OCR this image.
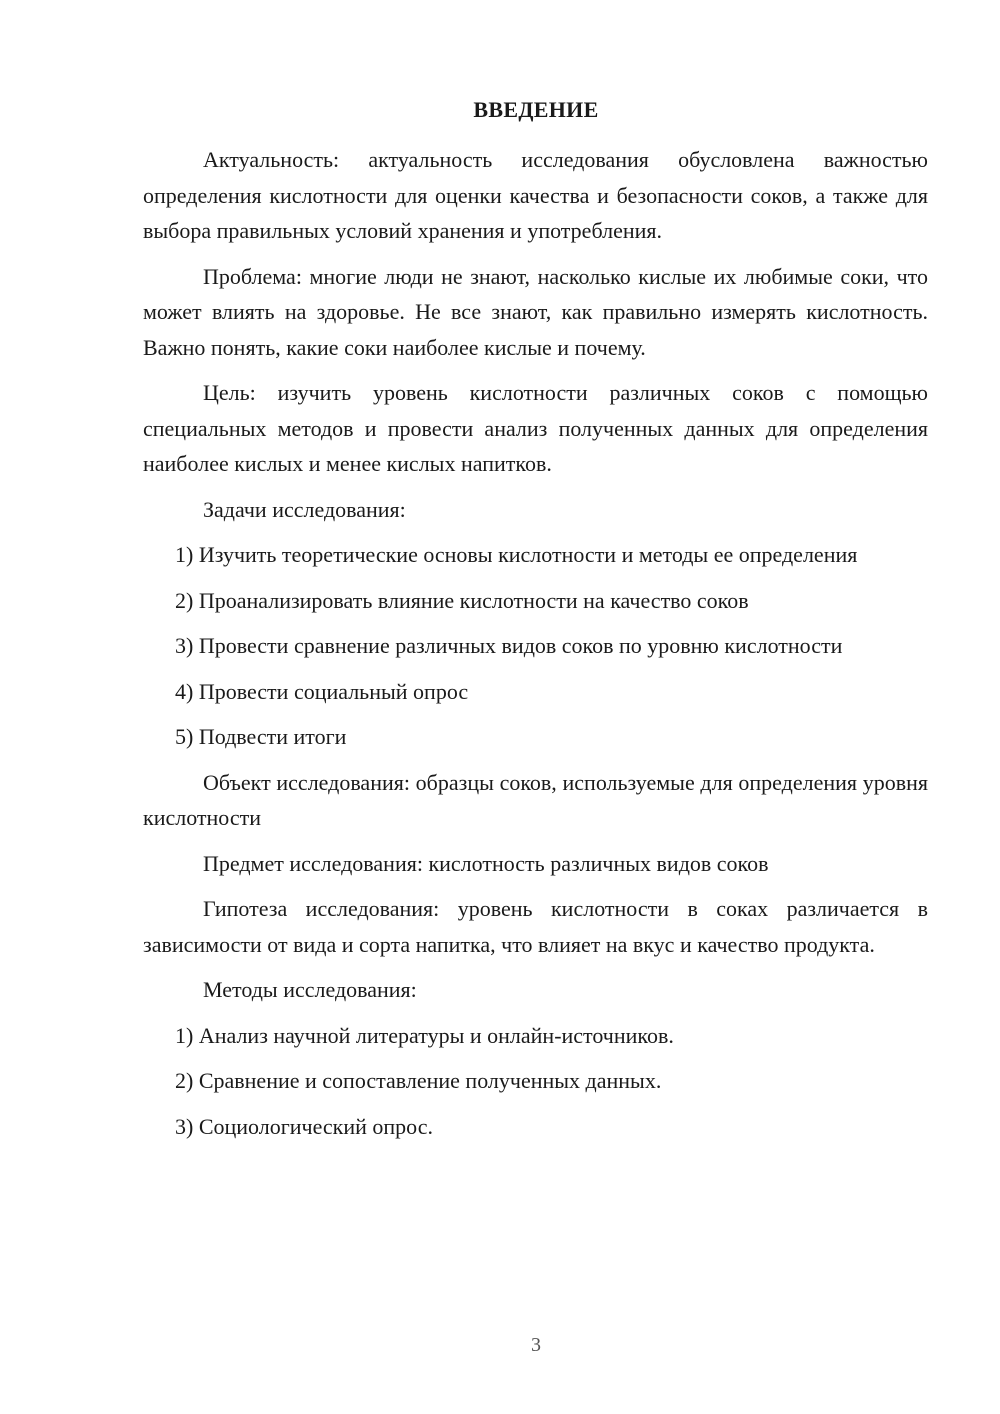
ВВЕДЕНИЕ

Актуальность: актуальность исследования обусловлена важностью определения кислотности для оценки качества и безопасности соков, а также для выбора правильных условий хранения и употребления.

Проблема: многие люди не знают, насколько кислые их любимые соки, что может влиять на здоровье. Не все знают, как правильно измерять кислотность. Важно понять, какие соки наиболее кислые и почему.

Цель: изучить уровень кислотности различных соков с помощью специальных методов и провести анализ полученных данных для определения наиболее кислых и менее кислых напитков.

Задачи исследования:

1) Изучить теоретические основы кислотности и методы ее определения

2) Проанализировать влияние кислотности на качество соков

3) Провести сравнение различных видов соков по уровню кислотности

4) Провести социальный опрос

5) Подвести итоги

Объект исследования: образцы соков, используемые для определения уровня кислотности

Предмет исследования: кислотность различных видов соков

Гипотеза исследования: уровень кислотности в соках различается в зависимости от вида и сорта напитка, что влияет на вкус и качество продукта.

Методы исследования:

1) Анализ научной литературы и онлайн-источников.

2) Сравнение и сопоставление полученных данных.

3) Социологический опрос.

3
